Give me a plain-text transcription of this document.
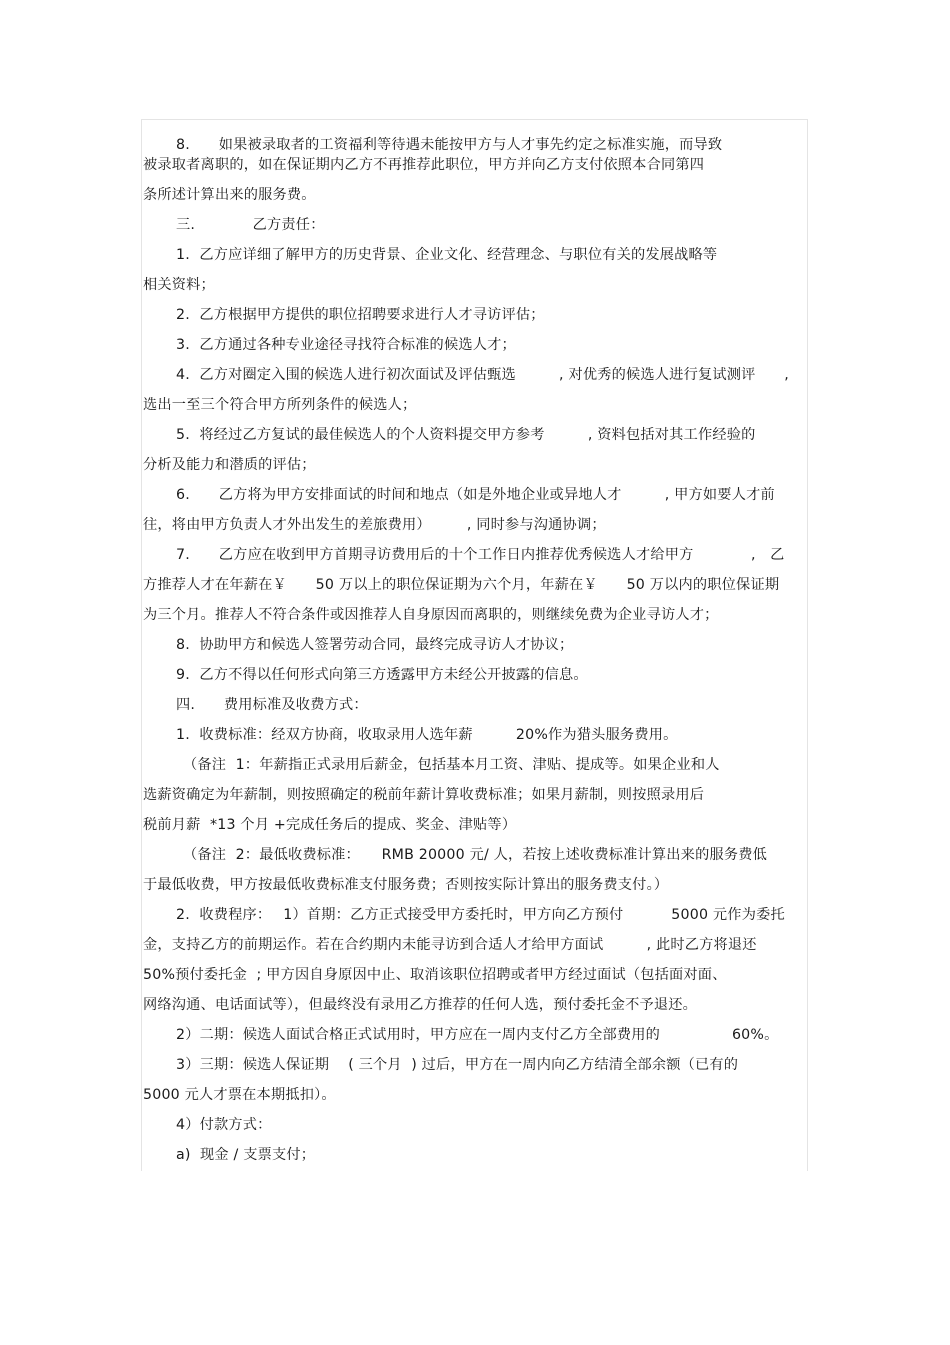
8.　　如果被录取者的工资福利等待遇未能按甲方与人才事先约定之标准实施，而导致
被录取者离职的，如在保证期内乙方不再推荐此职位，甲方并向乙方支付依照本合同第四
条所述计算出来的服务费。
三.　　　　乙方责任：
1.  乙方应详细了解甲方的历史背景、企业文化、经营理念、与职位有关的发展战略等
相关资料；
2.  乙方根据甲方提供的职位招聘要求进行人才寻访评估；
3.  乙方通过各种专业途径寻找符合标准的候选人才；
4.  乙方对圈定入围的候选人进行初次面试及评估甄选　　　, 对优秀的候选人进行复试测评　　,
选出一至三个符合甲方所列条件的候选人；
5.  将经过乙方复试的最佳候选人的个人资料提交甲方参考　　　, 资料包括对其工作经验的
分析及能力和潜质的评估；
6.　　乙方将为甲方安排面试的时间和地点（如是外地企业或异地人才　　　, 甲方如要人才前
往，将由甲方负责人才外出发生的差旅费用）　　　, 同时参与沟通协调；
7.　　乙方应在收到甲方首期寻访费用后的十个工作日内推荐优秀候选人才给甲方　　　　,　乙
方推荐人才在年薪在￥　　50 万以上的职位保证期为六个月，年薪在￥　　50 万以内的职位保证期
为三个月。推荐人不符合条件或因推荐人自身原因而离职的，则继续免费为企业寻访人才；
8.  协助甲方和候选人签署劳动合同，最终完成寻访人才协议；
9.  乙方不得以任何形式向第三方透露甲方未经公开披露的信息。
四.　　费用标准及收费方式：
1.  收费标准：经双方协商，收取录用人选年薪　　　20%作为猎头服务费用。
（备注  1：年薪指正式录用后薪金，包括基本月工资、津贴、提成等。如果企业和人
选薪资确定为年薪制，则按照确定的税前年薪计算收费标准；如果月薪制，则按照录用后
税前月薪  *13 个月 +完成任务后的提成、奖金、津贴等）
（备注  2：最低收费标准：　　RMB 20000 元/ 人，若按上述收费标准计算出来的服务费低
于最低收费，甲方按最低收费标准支付服务费；否则按实际计算出的服务费支付。）
2.  收费程序：　 1）首期：乙方正式接受甲方委托时，甲方向乙方预付　　　 5000 元作为委托
金，支持乙方的前期运作。若在合约期内未能寻访到合适人才给甲方面试　　　, 此时乙方将退还
50%预付委托金  ; 甲方因自身原因中止、取消该职位招聘或者甲方经过面试（包括面对面、
网络沟通、电话面试等），但最终没有录用乙方推荐的任何人选，预付委托金不予退还。
2）二期：候选人面试合格正式试用时，甲方应在一周内支付乙方全部费用的　　　　　60%。
3）三期：候选人保证期　 ( 三个月  ) 过后，甲方在一周内向乙方结清全部余额（已有的
5000 元人才票在本期抵扣）。
4）付款方式：
a)  现金 / 支票支付；
